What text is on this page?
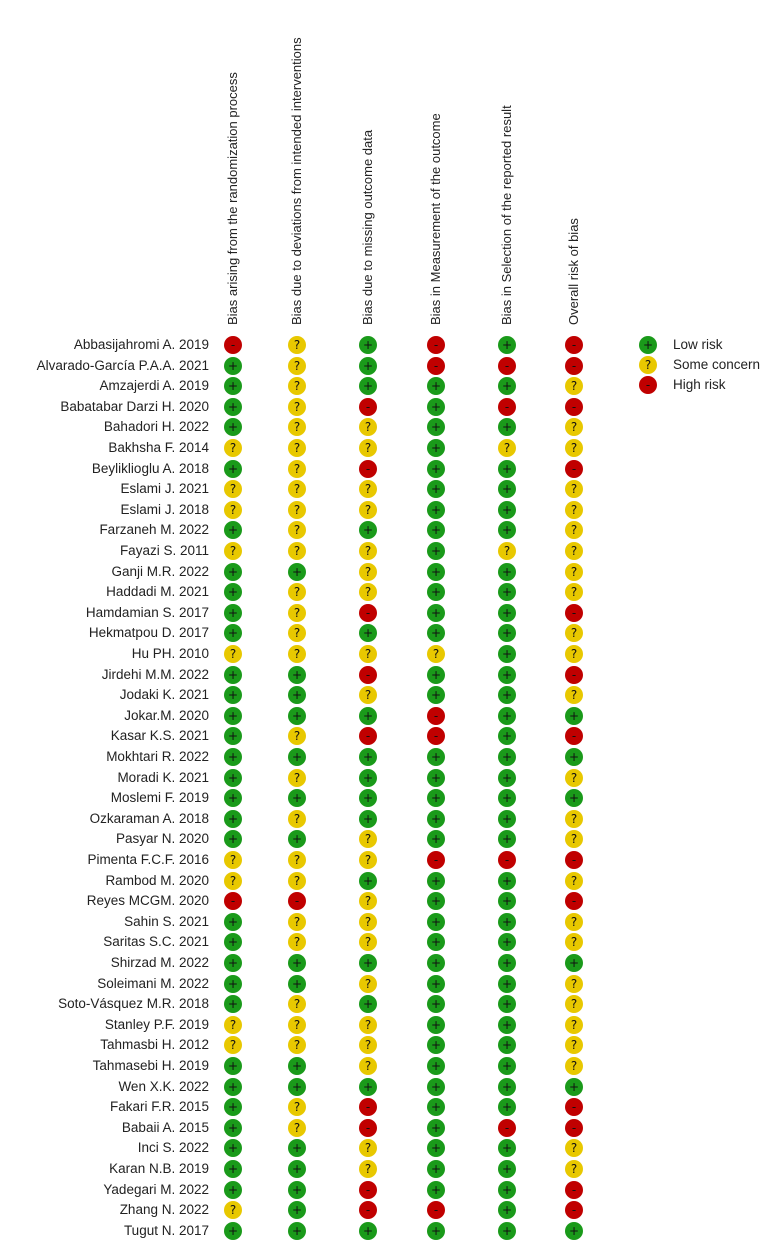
Bias arising from the randomization process	Bias due to deviations from intended interventions	Bias due to missing outcome data	Bias in Measurement of the outcome	Bias in Selection of the reported result	Overall risk of bias
Abbasijahromi A. 2019	-	?	+	-	+	-
Alvarado-García P.A.A. 2021	+	?	+	-	-	-
Amzajerdi A. 2019	+	?	+	+	+	?
Babatabar Darzi H. 2020	+	?	-	+	-	-
Bahadori H. 2022	+	?	?	+	+	?
Bakhsha F. 2014	?	?	?	+	?	?
Beyliklioglu A. 2018	+	?	-	+	+	-
Eslami J. 2021	?	?	?	+	+	?
Eslami J. 2018	?	?	?	+	+	?
Farzaneh M. 2022	+	?	+	+	+	?
Fayazi S. 2011	?	?	?	+	?	?
Ganji M.R. 2022	+	+	?	+	+	?
Haddadi M. 2021	+	?	?	+	+	?
Hamdamian S. 2017	+	?	-	+	+	-
Hekmatpou D. 2017	+	?	+	+	+	?
Hu PH. 2010	?	?	?	?	+	?
Jirdehi M.M. 2022	+	+	-	+	+	-
Jodaki K. 2021	+	+	?	+	+	?
Jokar.M. 2020	+	+	+	-	+	+
Kasar K.S. 2021	+	?	-	-	+	-
Mokhtari R. 2022	+	+	+	+	+	+
Moradi K. 2021	+	?	+	+	+	?
Moslemi F. 2019	+	+	+	+	+	+
Ozkaraman A. 2018	+	?	+	+	+	?
Pasyar N. 2020	+	+	?	+	+	?
Pimenta F.C.F. 2016	?	?	?	-	-	-
Rambod M. 2020	?	?	+	+	+	?
Reyes MCGM. 2020	-	-	?	+	+	-
Sahin S. 2021	+	?	?	+	+	?
Saritas S.C. 2021	+	?	?	+	+	?
Shirzad M. 2022	+	+	+	+	+	+
Soleimani M. 2022	+	+	?	+	+	?
Soto-Vásquez M.R. 2018	+	?	+	+	+	?
Stanley P.F. 2019	?	?	?	+	+	?
Tahmasbi H. 2012	?	?	?	+	+	?
Tahmasebi H. 2019	+	+	?	+	+	?
Wen X.K. 2022	+	+	+	+	+	+
Fakari F.R. 2015	+	?	-	+	+	-
Babaii A. 2015	+	?	-	+	-	-
Inci S. 2022	+	+	?	+	+	?
Karan N.B. 2019	+	+	?	+	+	?
Yadegari M. 2022	+	+	-	+	+	-
Zhang N. 2022	?	+	-	-	+	-
Tugut N. 2017	+	+	+	+	+	+
+ Low risk
?	Some concern
-	High risk
